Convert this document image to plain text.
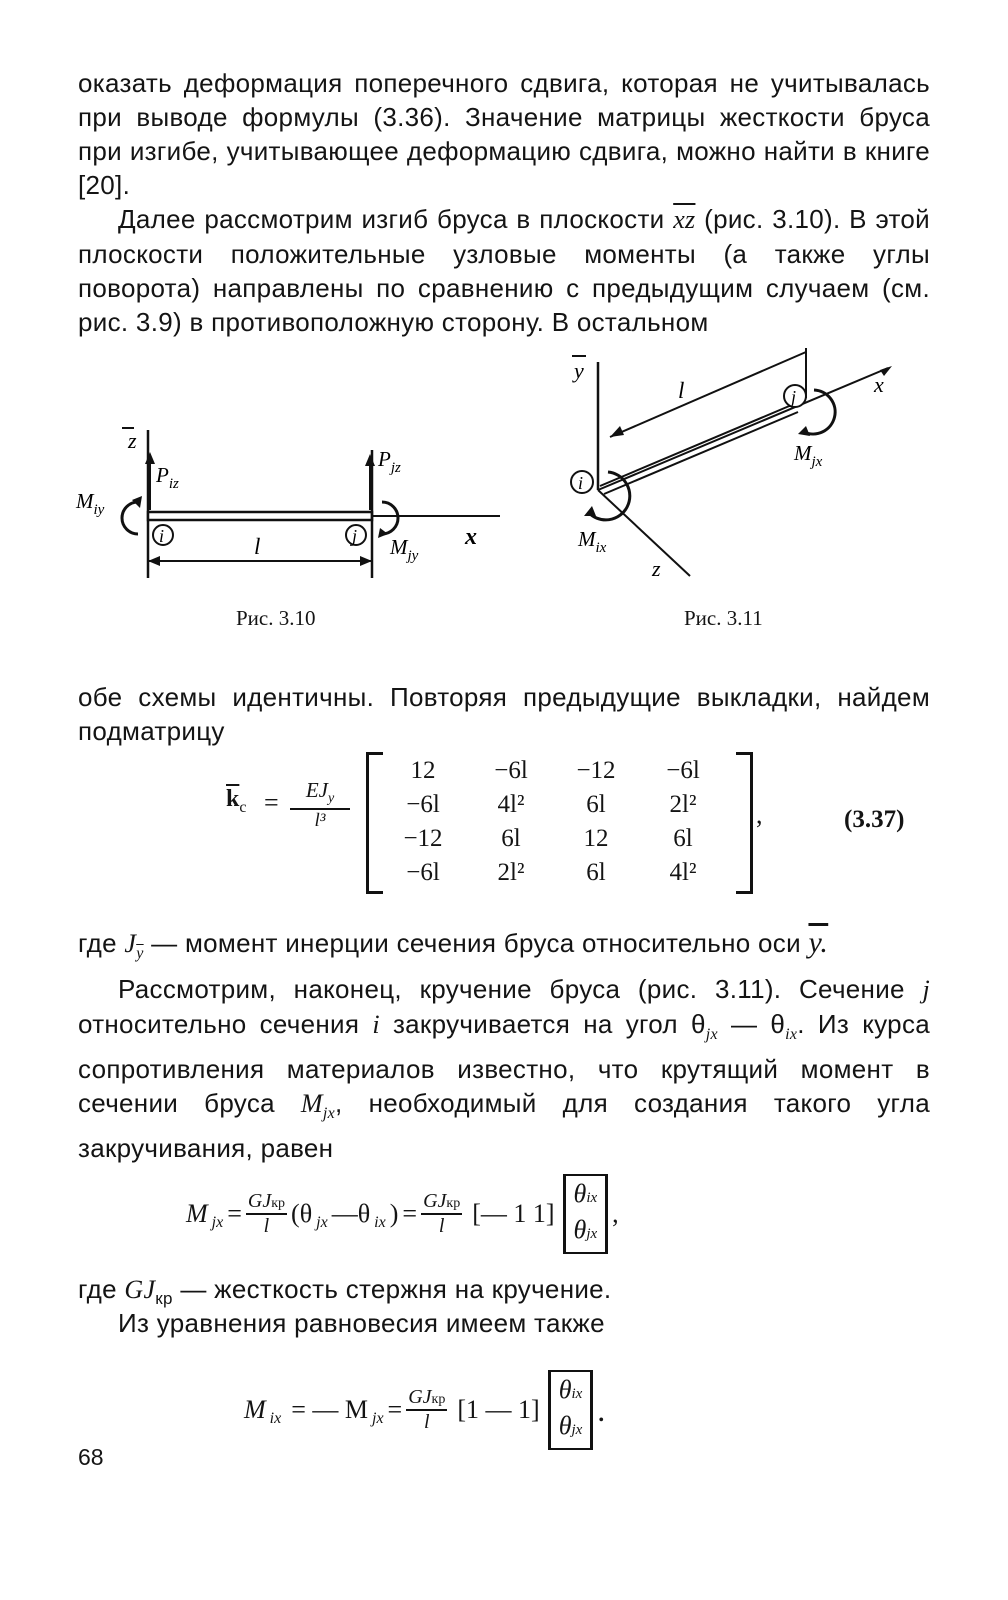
оказать деформация поперечного сдвига, которая не учитывалась при выводе формулы (3.36). Значение матрицы жесткости бруса при изгибе, учитывающее деформацию сдвига, можно найти в книге [20].
Далее рассмотрим изгиб бруса в плоскости $\overline{xz}$ (рис. 3.10). В этой плоскости положительные узловые моменты (а также углы поворота) направлены по сравнению с предыдущим случаем (см. рис. 3.9) в противоположную сторону. В остальном
z
x
$P_{iz}$
$P_{jz}$
$M_{iy}$
$M_{jy}$
i	j
l
Рис. 3.10
y
l	x
z
i
$M_{ix}$
j
$M_{jx}$
Рис. 3.11
обе схемы идентичны. Повторяя предыдущие выкладки, найдем подматрицу
$\overline{k}_c$ =	$EJ_y$
l³
12	−6l	−12	−6l
−6l	4l²	6l	2l²
−12	6l	12	6l
−6l	2l²	6l	4l²
,	(3.37)
где $J_{\overline{y}}$ — момент инерции сечения бруса относительно оси y.
Рассмотрим, наконец, кручение бруса (рис. 3.11). Сечение j относительно сечения i закручивается на угол $\theta_{jx}$ — $\theta_{ix}$. Из курса сопротивления материалов известно, что крутящий момент в сечении бруса $M_{jx}$, необходимый для создания такого угла закручивания, равен
M jx = GJкр
l (θ jx —θ ix ) = GJкр
l	[— 1 1]
θix
θjx
,
где $GJ_{кр}$ — жесткость стержня на кручение.
Из уравнения равновесия имеем также
M ix = — M jx = GJкр
l	[1 — 1]
θix
θjx
.
68
